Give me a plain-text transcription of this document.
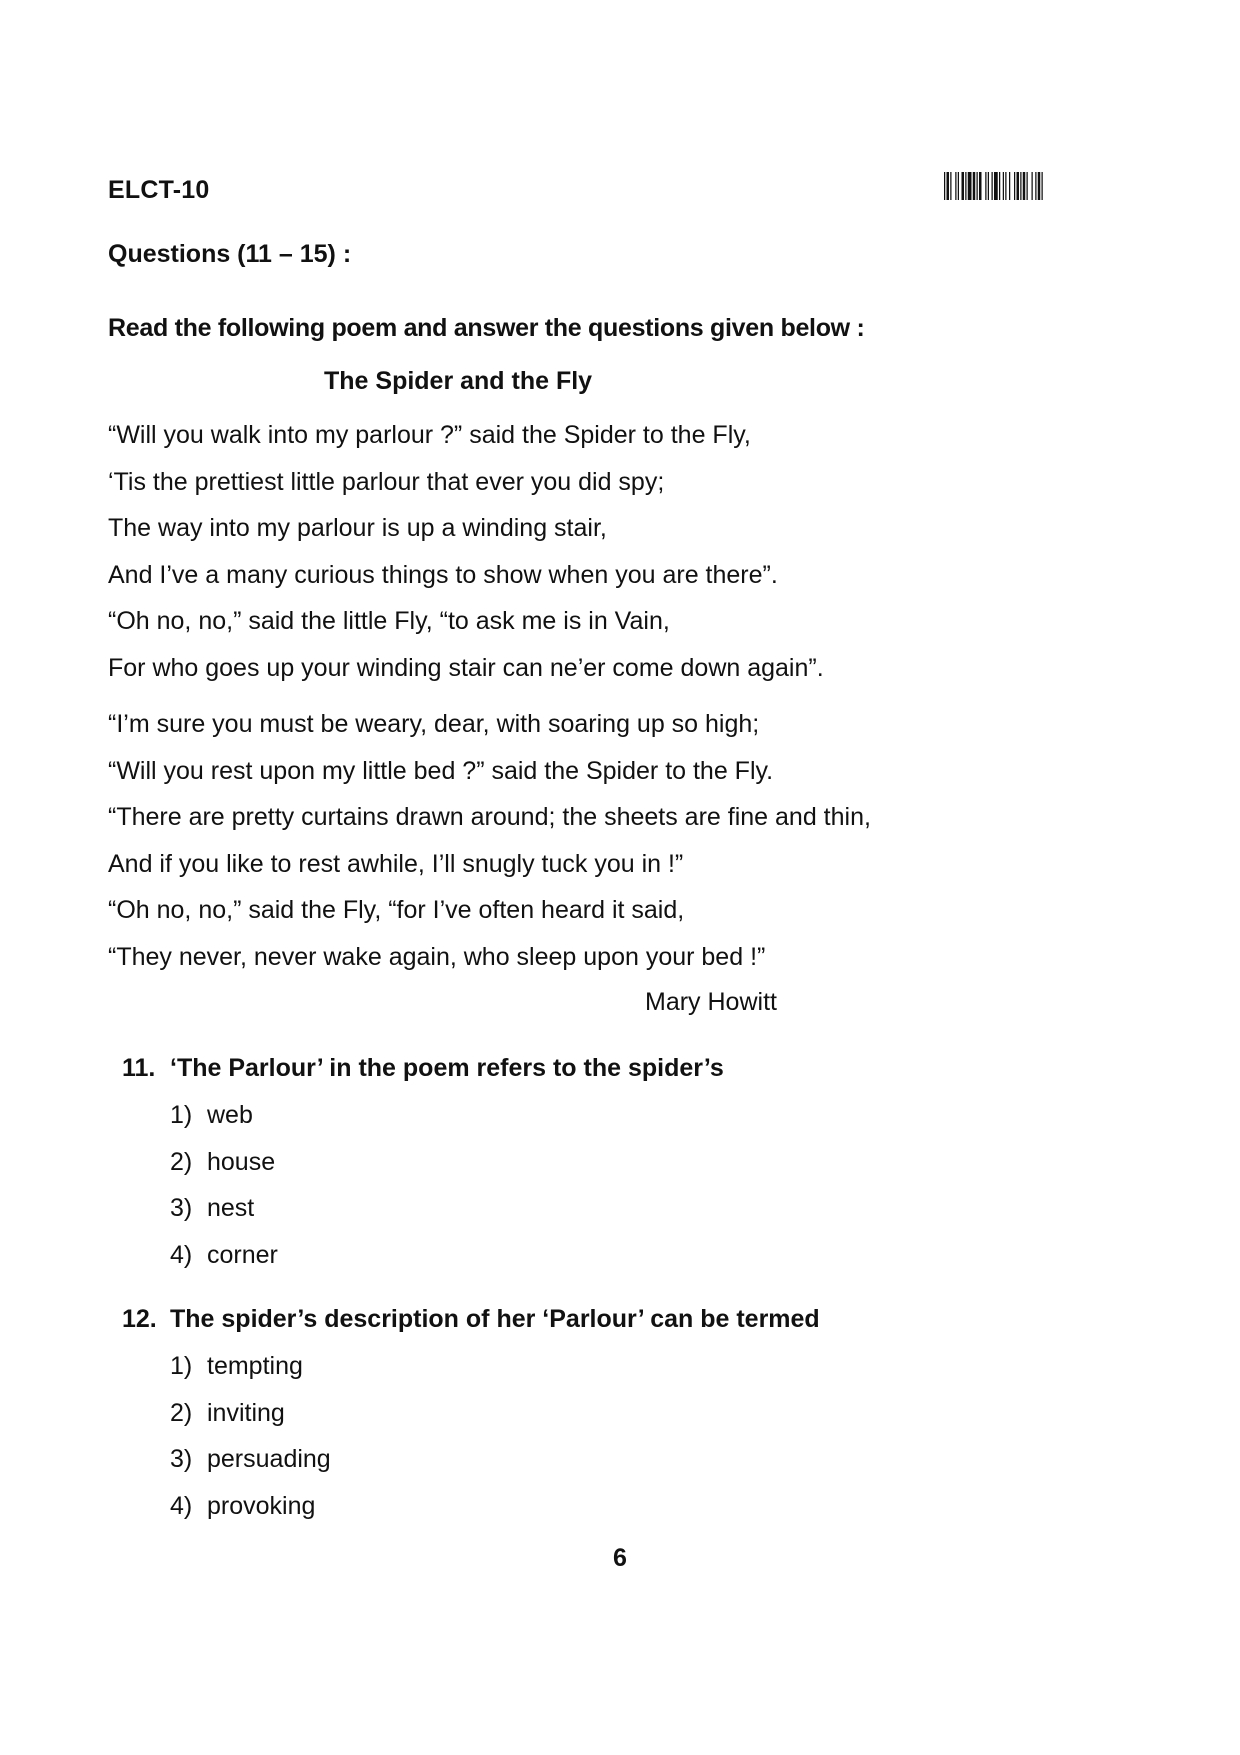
ELCT-10
Questions (11 – 15) :
Read the following poem and answer the questions given below :
The Spider and the Fly
“Will you walk into my parlour ?” said the Spider to the Fly,
‘Tis the prettiest little parlour that ever you did spy;
The way into my parlour is up a winding stair,
And I’ve a many curious things to show when you are there”.
“Oh no, no,” said the little Fly, “to ask me is in Vain,
For who goes up your winding stair can ne’er come down again”.
“I’m sure you must be weary, dear, with soaring up so high;
“Will you rest upon my little bed ?” said the Spider to the Fly.
“There are pretty curtains drawn around; the sheets are fine and thin,
And if you like to rest awhile, I’ll snugly tuck you in !”
“Oh no, no,” said the Fly, “for I’ve often heard it said,
“They never, never wake again, who sleep upon your bed !”
Mary Howitt
11. ‘The Parlour’ in the poem refers to the spider’s
1) web
2) house
3) nest
4) corner
12. The spider’s description of her ‘Parlour’ can be termed
1) tempting
2) inviting
3) persuading
4) provoking
6
